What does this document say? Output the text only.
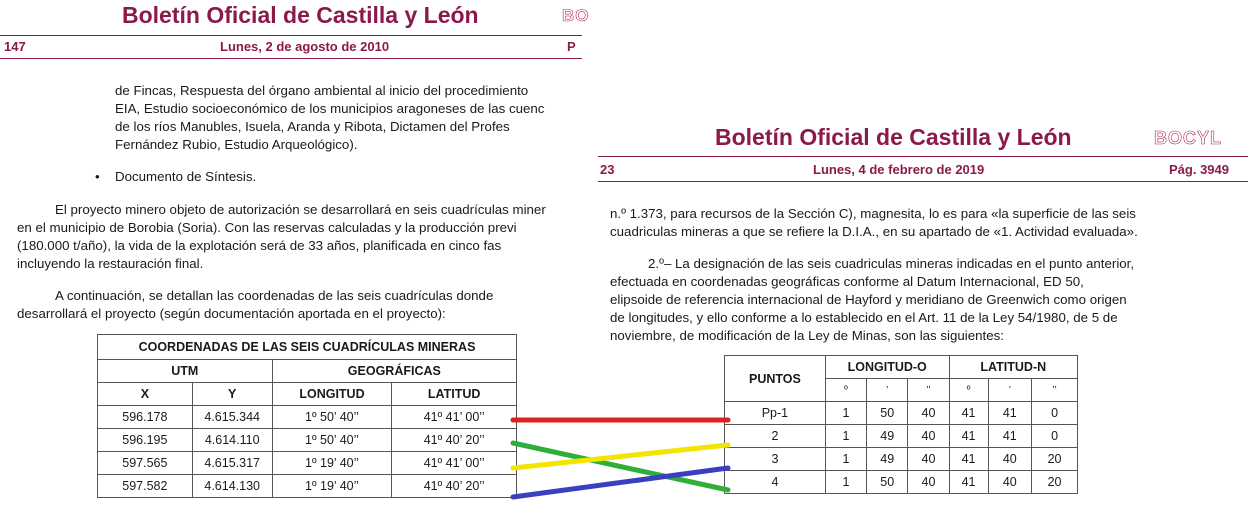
Boletín Oficial de Castilla y León	BO
147	Lunes, 2 de agosto de 2010	P
de Fincas, Respuesta del órgano ambiental al inicio del procedimiento
EIA, Estudio socioeconómico de los municipios aragoneses de las cuenc
de los ríos Manubles, Isuela, Aranda y Ribota, Dictamen del Profes
Fernández Rubio, Estudio Arqueológico).
• Documento de Síntesis.
El proyecto minero objeto de autorización se desarrollará en seis cuadrículas miner
en el municipio de Borobia (Soria). Con las reservas calculadas y la producción previ
(180.000 t/año), la vida de la explotación será de 33 años, planificada en cinco fas
incluyendo la restauración final.
A continuación, se detallan las coordenadas de las seis cuadrículas donde
desarrollará el proyecto (según documentación aportada en el proyecto):
COORDENADAS DE LAS SEIS CUADRÍCULAS MINERAS			
UTM		GEOGRÁFICAS	
X	Y	LONGITUD	LATITUD
596.178	4.615.344	1º 50’ 40’’	41º 41’ 00’’
596.195	4.614.110	1º 50’ 40’’	41º 40’ 20’’
597.565	4.615.317	1º 19’ 40’’	41º 41’ 00’’
597.582	4.614.130	1º 19’ 40’’	41º 40’ 20’’
Boletín Oficial de Castilla y León	BOCYL
23	Lunes, 4 de febrero de 2019	Pág. 3949
n.º 1.373, para recursos de la Sección C), magnesita, lo es para «la superficie de las seis
cuadriculas mineras a que se refiere la D.I.A., en su apartado de «1. Actividad evaluada».
2.º– La designación de las seis cuadriculas mineras indicadas en el punto anterior,
efectuada en coordenadas geográficas conforme al Datum Internacional, ED 50,
elipsoide de referencia internacional de Hayford y meridiano de Greenwich como origen
de longitudes, y ello conforme a lo establecido en el Art. 11 de la Ley 54/1980, de 5 de
noviembre, de modificación de la Ley de Minas, son las siguientes:
PUNTOS	LONGITUD-O			LATITUD-N		
	º	’	’’	º	’	’’
Pp-1	1	50	40	41	41	0
2	1	49	40	41	41	0
3	1	49	40	41	40	20
4	1	50	40	41	40	20
